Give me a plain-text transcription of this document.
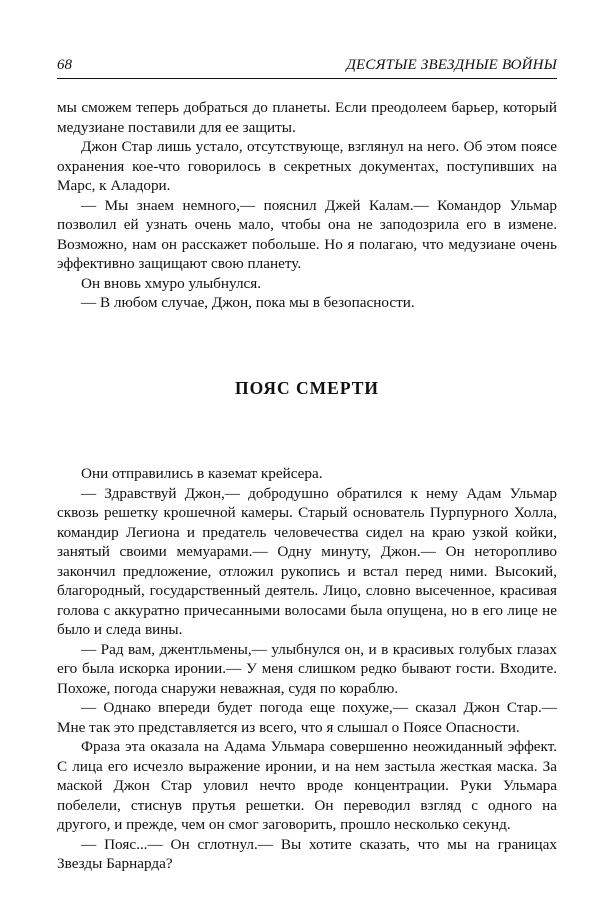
68	ДЕСЯТЫЕ ЗВЕЗДНЫЕ ВОЙНЫ

мы сможем теперь добраться до планеты. Если преодолеем барьер, который медузиане поставили для ее защиты.

Джон Стар лишь устало, отсутствующе, взглянул на него. Об этом поясе охранения кое-что говорилось в секретных документах, поступивших на Марс, к Аладори.

— Мы знаем немного,— пояснил Джей Калам.— Командор Ульмар позволил ей узнать очень мало, чтобы она не заподозрила его в измене. Возможно, нам он расскажет побольше. Но я полагаю, что медузиане очень эффективно защищают свою планету.

Он вновь хмуро улыбнулся.

— В любом случае, Джон, пока мы в безопасности.

ПОЯС СМЕРТИ

Они отправились в каземат крейсера.

— Здравствуй Джон,— добродушно обратился к нему Адам Ульмар сквозь решетку крошечной камеры. Старый основатель Пурпурного Холла, командир Легиона и предатель человечества сидел на краю узкой койки, занятый своими мемуарами.— Одну минуту, Джон.— Он неторопливо закончил предложение, отложил рукопись и встал перед ними. Высокий, благородный, государственный деятель. Лицо, словно высеченное, красивая голова с аккуратно причесанными волосами была опущена, но в его лице не было и следа вины.

— Рад вам, джентльмены,— улыбнулся он, и в красивых голубых глазах его была искорка иронии.— У меня слишком редко бывают гости. Входите. Похоже, погода снаружи неважная, судя по кораблю.

— Однако впереди будет погода еще похуже,— сказал Джон Стар.— Мне так это представляется из всего, что я слышал о Поясе Опасности.

Фраза эта оказала на Адама Ульмара совершенно неожиданный эффект. С лица его исчезло выражение иронии, и на нем застыла жесткая маска. За маской Джон Стар уловил нечто вроде концентрации. Руки Ульмара побелели, стиснув прутья решетки. Он переводил взгляд с одного на другого, и прежде, чем он смог заговорить, прошло несколько секунд.

— Пояс...— Он сглотнул.— Вы хотите сказать, что мы на границах Звезды Барнарда?
